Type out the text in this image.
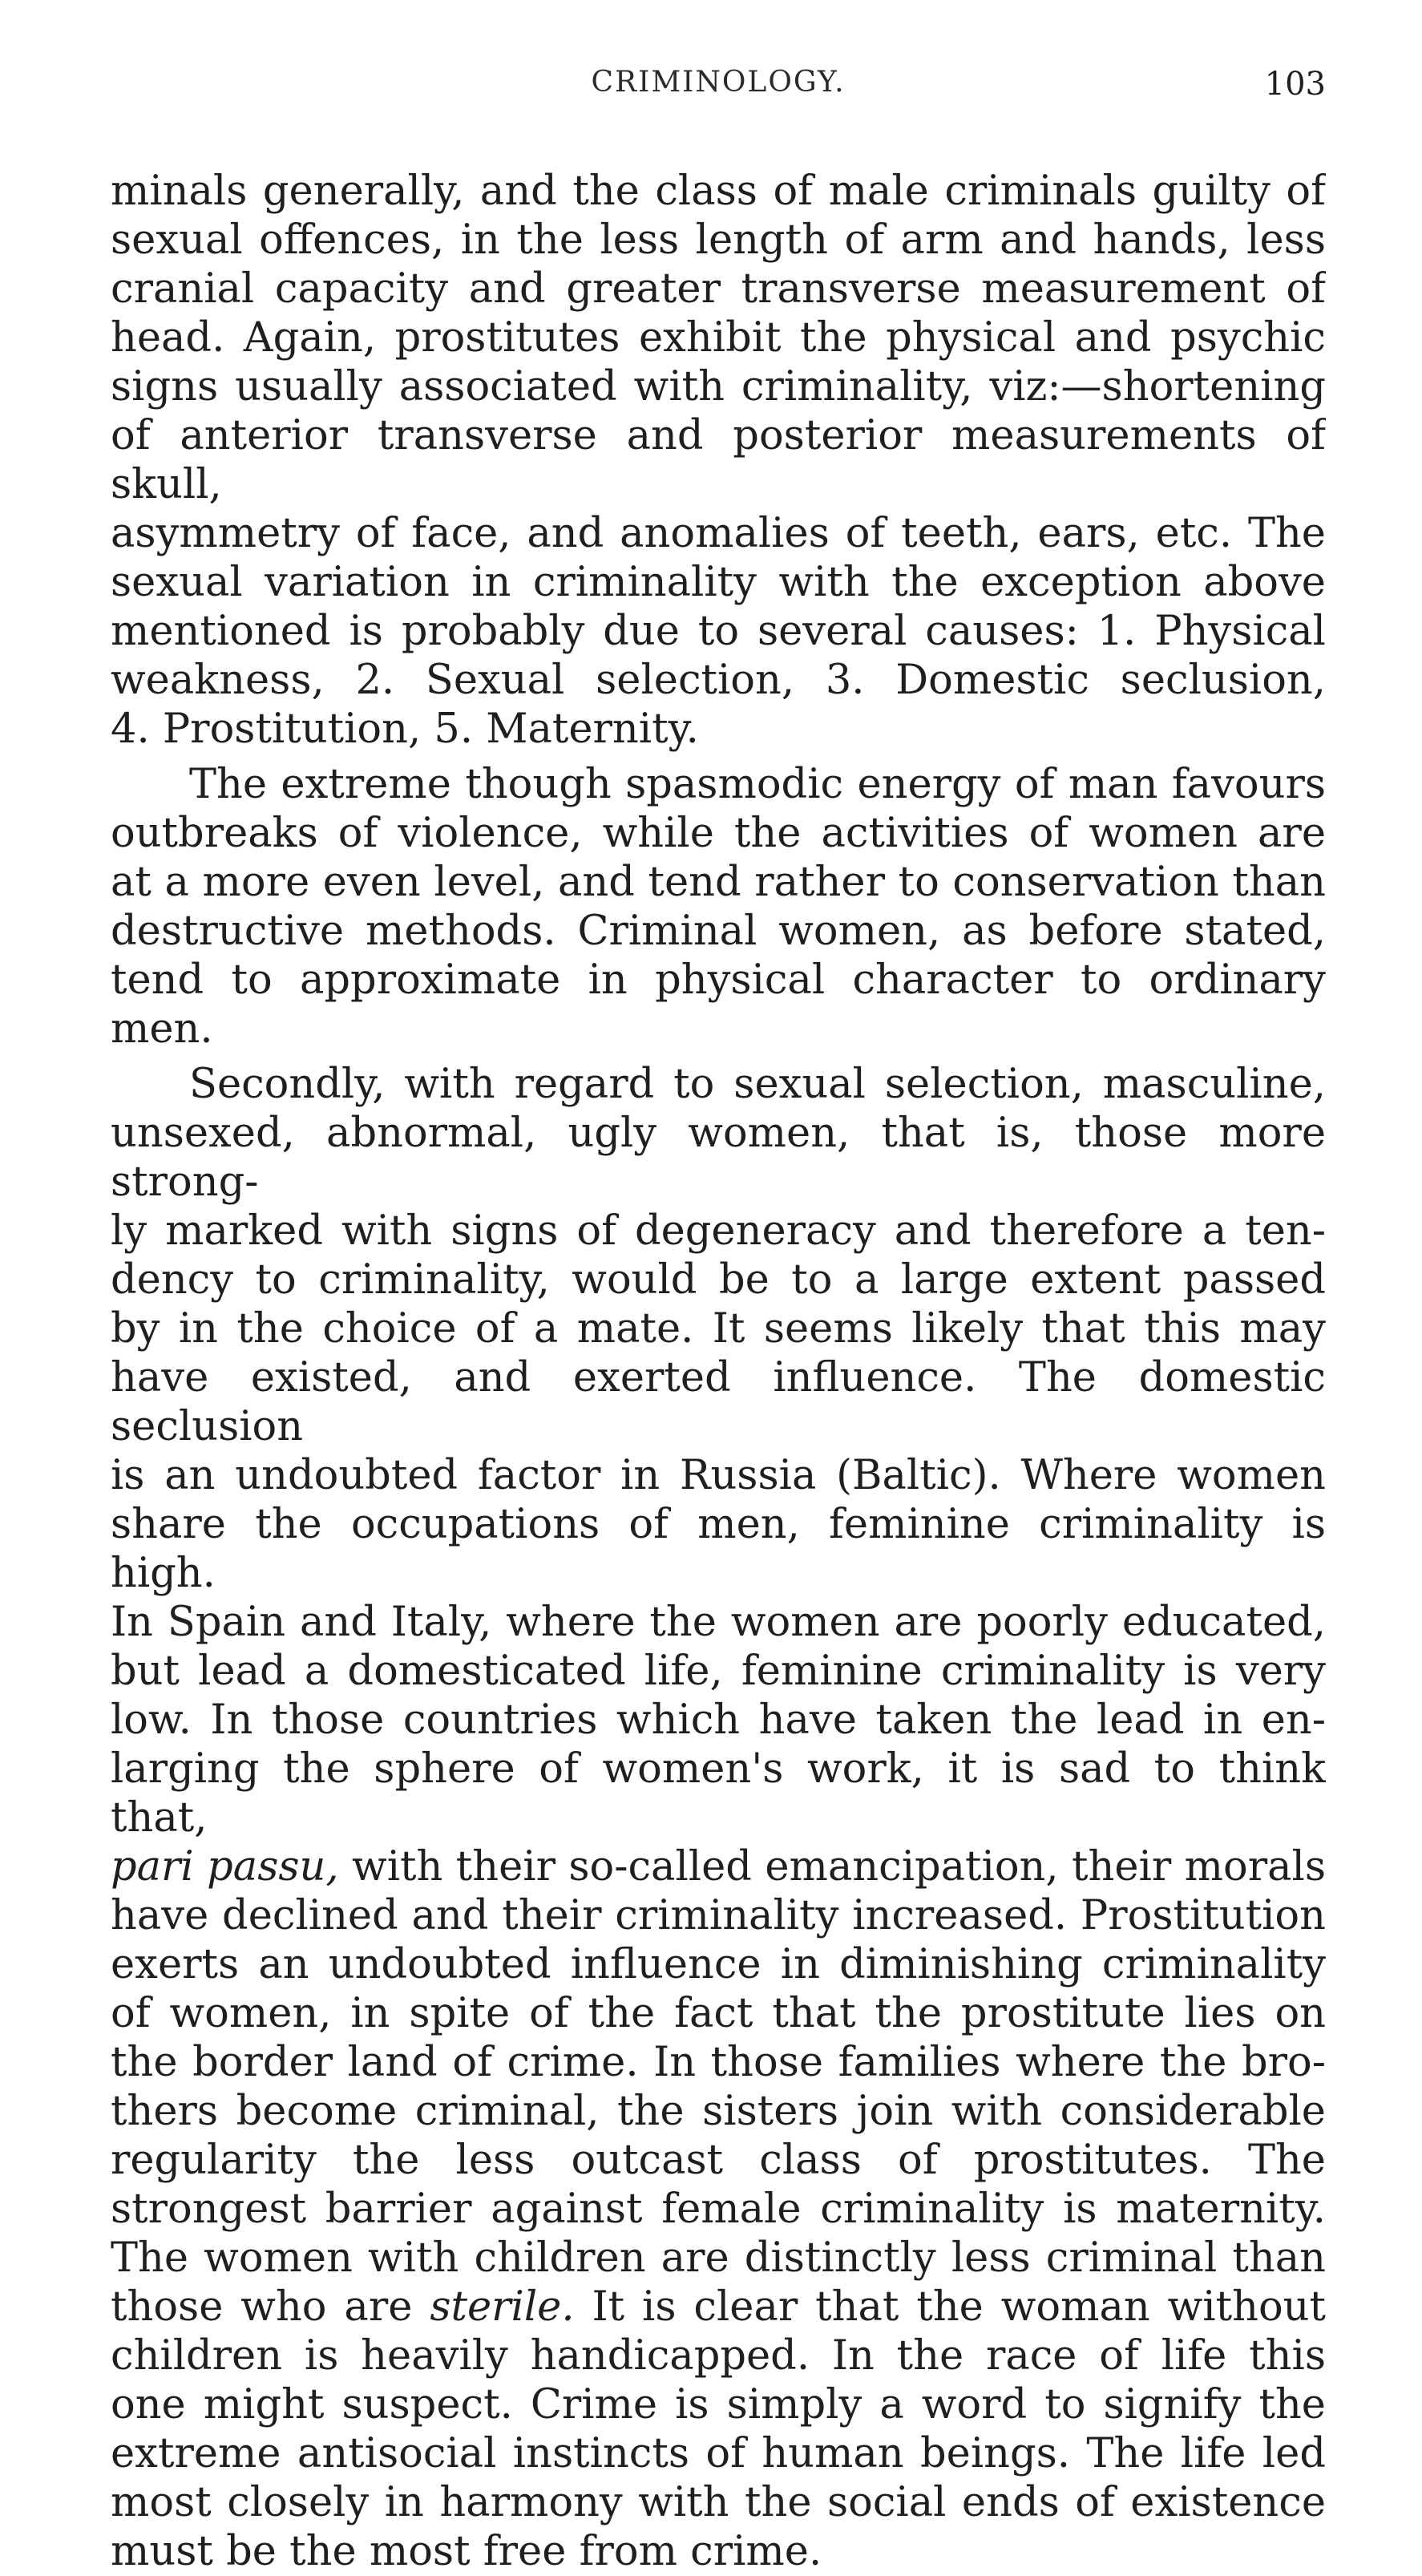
CRIMINOLOGY.	103

minals generally, and the class of male criminals guilty of
sexual offences, in the less length of arm and hands, less
cranial capacity and greater transverse measurement of
head. Again, prostitutes exhibit the physical and psychic
signs usually associated with criminality, viz:—shortening
of anterior transverse and posterior measurements of skull,
asymmetry of face, and anomalies of teeth, ears, etc. The
sexual variation in criminality with the exception above
mentioned is probably due to several causes: 1. Physical
weakness, 2. Sexual selection, 3. Domestic seclusion,
4. Prostitution, 5. Maternity.

The extreme though spasmodic energy of man favours
outbreaks of violence, while the activities of women are
at a more even level, and tend rather to conservation than
destructive methods. Criminal women, as before stated,
tend to approximate in physical character to ordinary
men.

Secondly, with regard to sexual selection, masculine,
unsexed, abnormal, ugly women, that is, those more strong-
ly marked with signs of degeneracy and therefore a ten-
dency to criminality, would be to a large extent passed
by in the choice of a mate. It seems likely that this may
have existed, and exerted influence. The domestic seclusion
is an undoubted factor in Russia (Baltic). Where women
share the occupations of men, feminine criminality is high.
In Spain and Italy, where the women are poorly educated,
but lead a domesticated life, feminine criminality is very
low. In those countries which have taken the lead in en-
larging the sphere of women's work, it is sad to think that,
pari passu, with their so-called emancipation, their morals
have declined and their criminality increased. Prostitution
exerts an undoubted influence in diminishing criminality
of women, in spite of the fact that the prostitute lies on
the border land of crime. In those families where the bro-
thers become criminal, the sisters join with considerable
regularity the less outcast class of prostitutes. The
strongest barrier against female criminality is maternity.
The women with children are distinctly less criminal than
those who are sterile. It is clear that the woman without
children is heavily handicapped. In the race of life this
one might suspect. Crime is simply a word to signify the
extreme antisocial instincts of human beings. The life led
most closely in harmony with the social ends of existence
must be the most free from crime.
